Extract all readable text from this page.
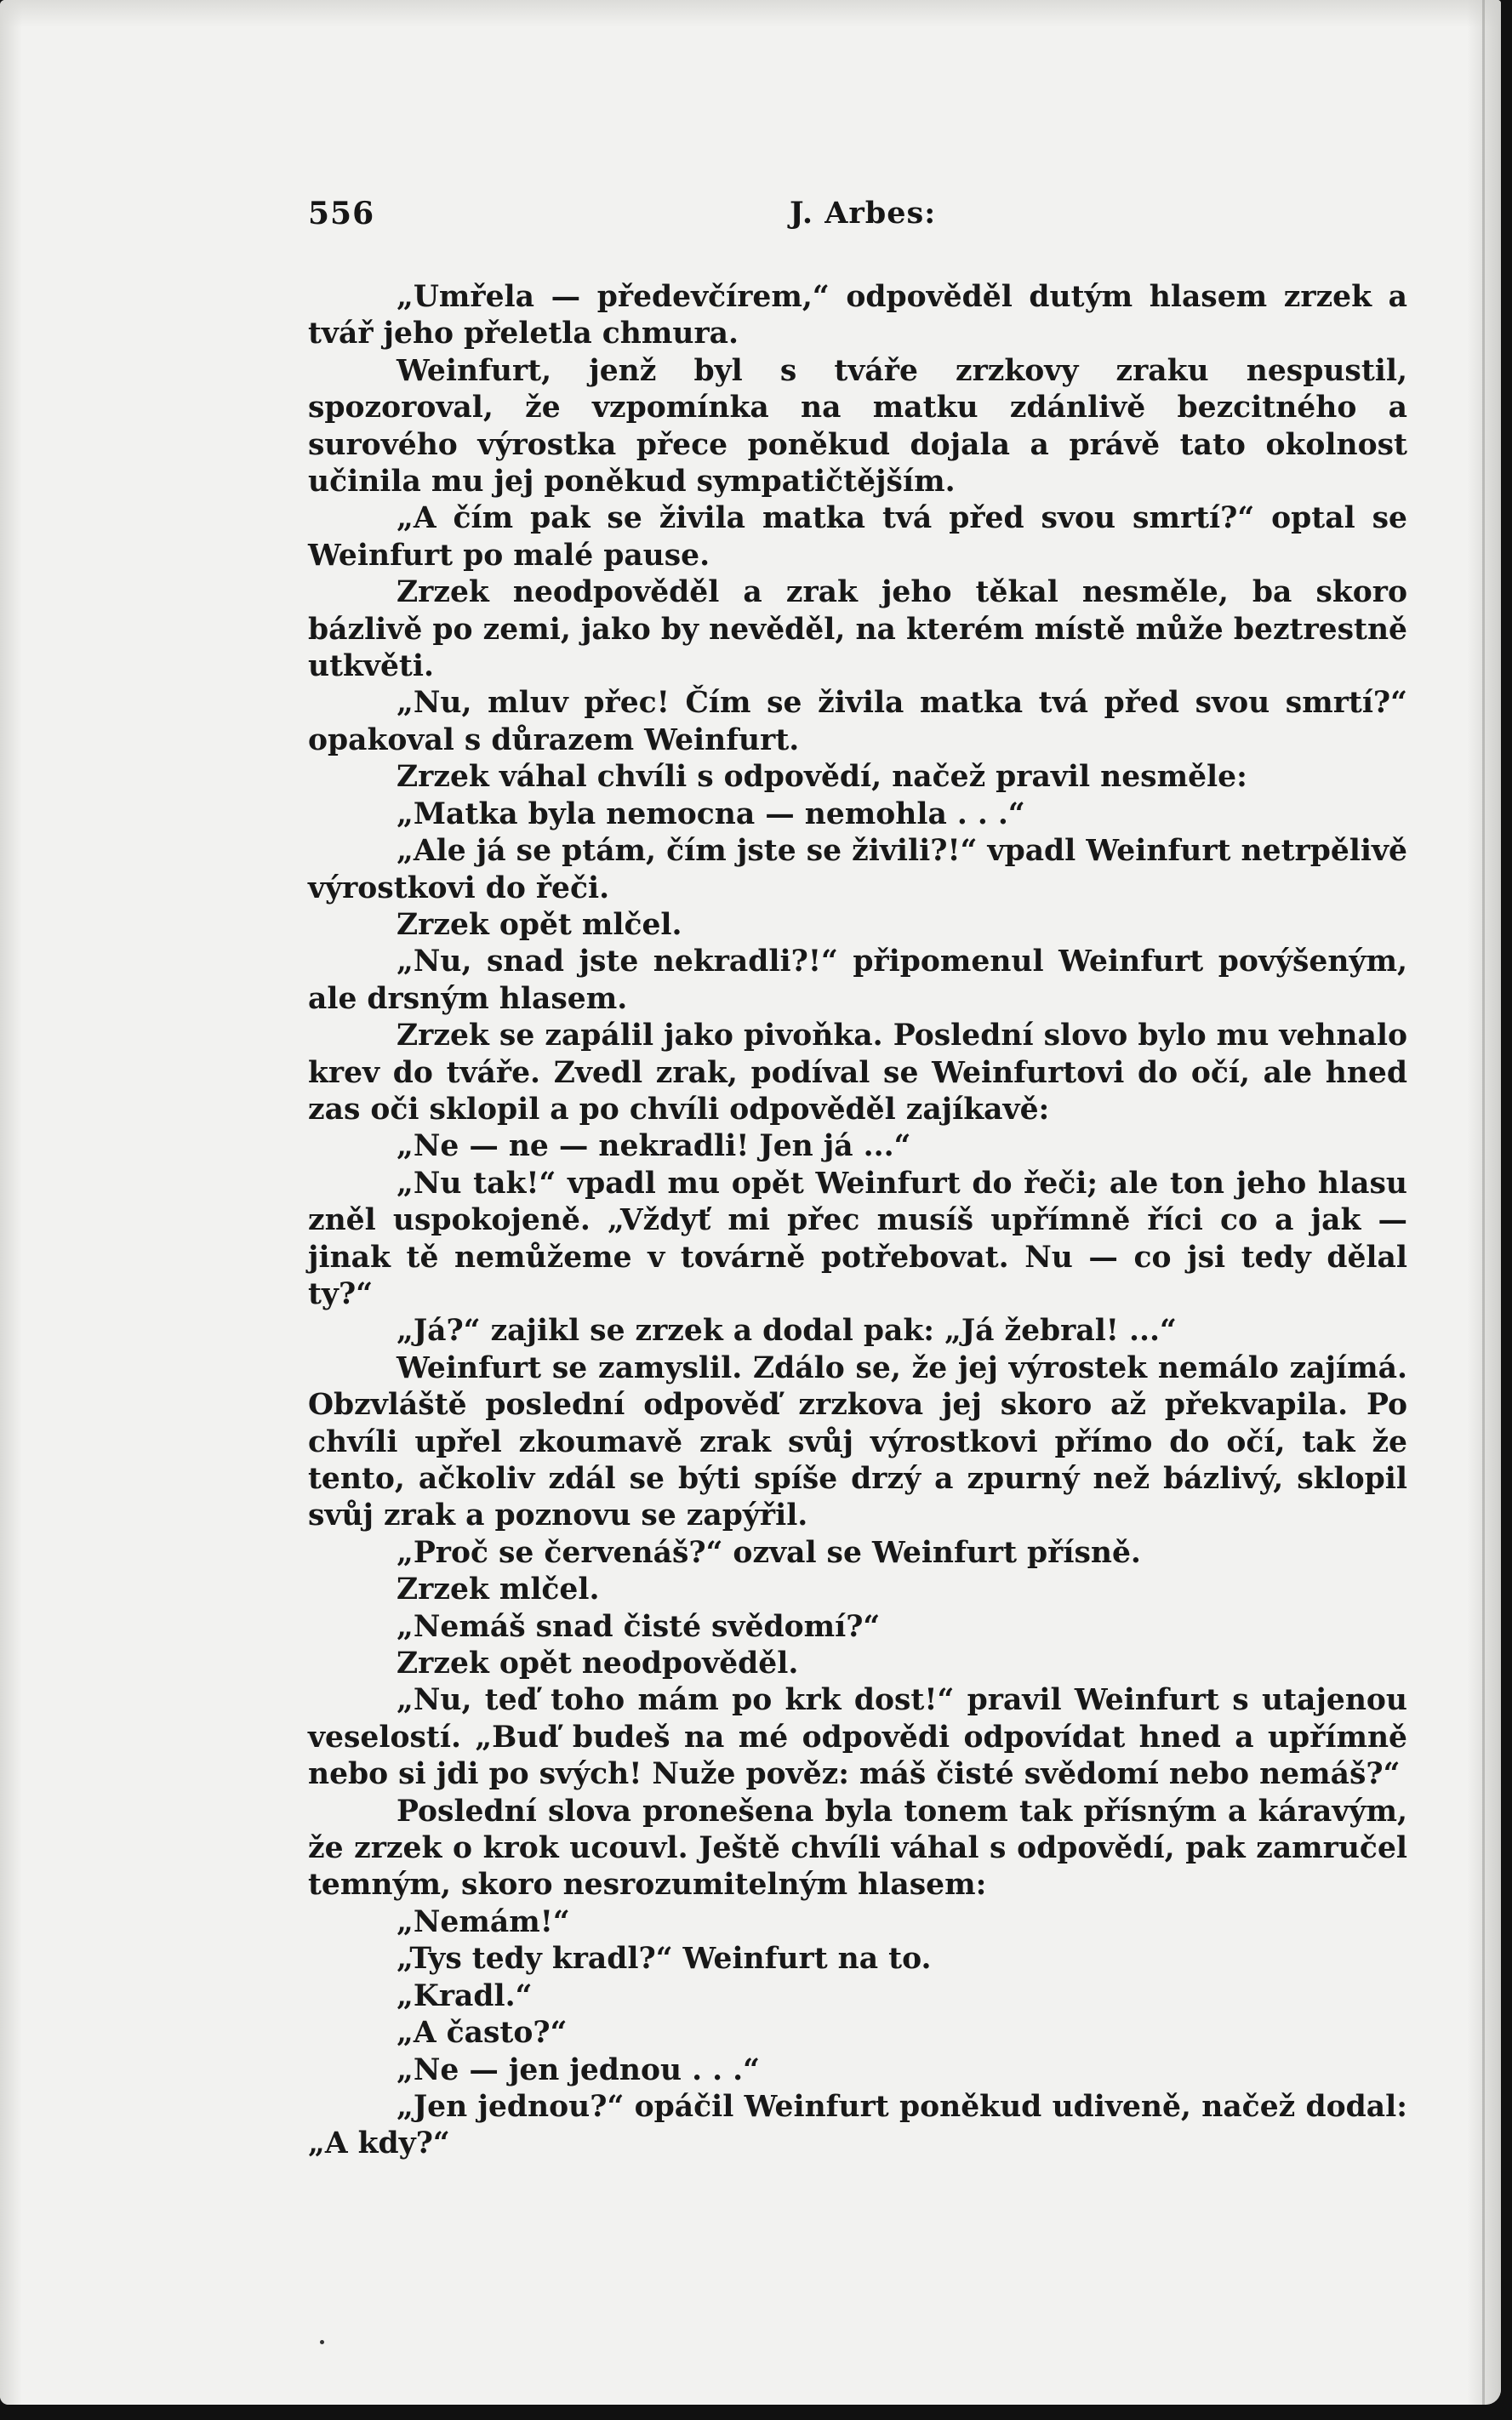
556	J. Arbes:

„Umřela — předevčírem,“ odpověděl dutým hlasem zrzek a tvář jeho přeletla chmura.

Weinfurt, jenž byl s tváře zrzkovy zraku nespustil, spozoroval, že vzpomínka na matku zdánlivě bezcitného a surového výrostka přece poněkud dojala a právě tato okolnost učinila mu jej poněkud sympatičtějším.

„A čím pak se živila matka tvá před svou smrtí?“ optal se Weinfurt po malé pause.

Zrzek neodpověděl a zrak jeho těkal nesměle, ba skoro bázlivě po zemi, jako by nevěděl, na kterém místě může beztrestně utkvěti.

„Nu, mluv přec! Čím se živila matka tvá před svou smrtí?“ opakoval s důrazem Weinfurt.

Zrzek váhal chvíli s odpovědí, načež pravil nesměle:

„Matka byla nemocna — nemohla . . .“

„Ale já se ptám, čím jste se živili?!“ vpadl Weinfurt netrpělivě výrostkovi do řeči.

Zrzek opět mlčel.

„Nu, snad jste nekradli?!“ připomenul Weinfurt povýšeným, ale drsným hlasem.

Zrzek se zapálil jako pivoňka. Poslední slovo bylo mu vehnalo krev do tváře. Zvedl zrak, podíval se Weinfurtovi do očí, ale hned zas oči sklopil a po chvíli odpověděl zajíkavě:

„Ne — ne — nekradli! Jen já ...“

„Nu tak!“ vpadl mu opět Weinfurt do řeči; ale ton jeho hlasu zněl uspokojeně. „Vždyť mi přec musíš upřímně říci co a jak — jinak tě nemůžeme v továrně potřebovat. Nu — co jsi tedy dělal ty?“

„Já?“ zajikl se zrzek a dodal pak: „Já žebral! ...“

Weinfurt se zamyslil. Zdálo se, že jej výrostek nemálo zajímá. Obzvláště poslední odpověď zrzkova jej skoro až překvapila. Po chvíli upřel zkoumavě zrak svůj výrostkovi přímo do očí, tak že tento, ačkoliv zdál se býti spíše drzý a zpurný než bázlivý, sklopil svůj zrak a poznovu se zapýřil.

„Proč se červenáš?“ ozval se Weinfurt přísně.

Zrzek mlčel.

„Nemáš snad čisté svědomí?“

Zrzek opět neodpověděl.

„Nu, teď toho mám po krk dost!“ pravil Weinfurt s utajenou veselostí. „Buď budeš na mé odpovědi odpovídat hned a upřímně nebo si jdi po svých! Nuže pověz: máš čisté svědomí nebo nemáš?“

Poslední slova pronešena byla tonem tak přísným a káravým, že zrzek o krok ucouvl. Ještě chvíli váhal s odpovědí, pak zamručel temným, skoro nesrozumitelným hlasem:

„Nemám!“

„Tys tedy kradl?“ Weinfurt na to.

„Kradl.“

„A často?“

„Ne — jen jednou . . .“

„Jen jednou?“ opáčil Weinfurt poněkud udiveně, načež dodal: „A kdy?“
